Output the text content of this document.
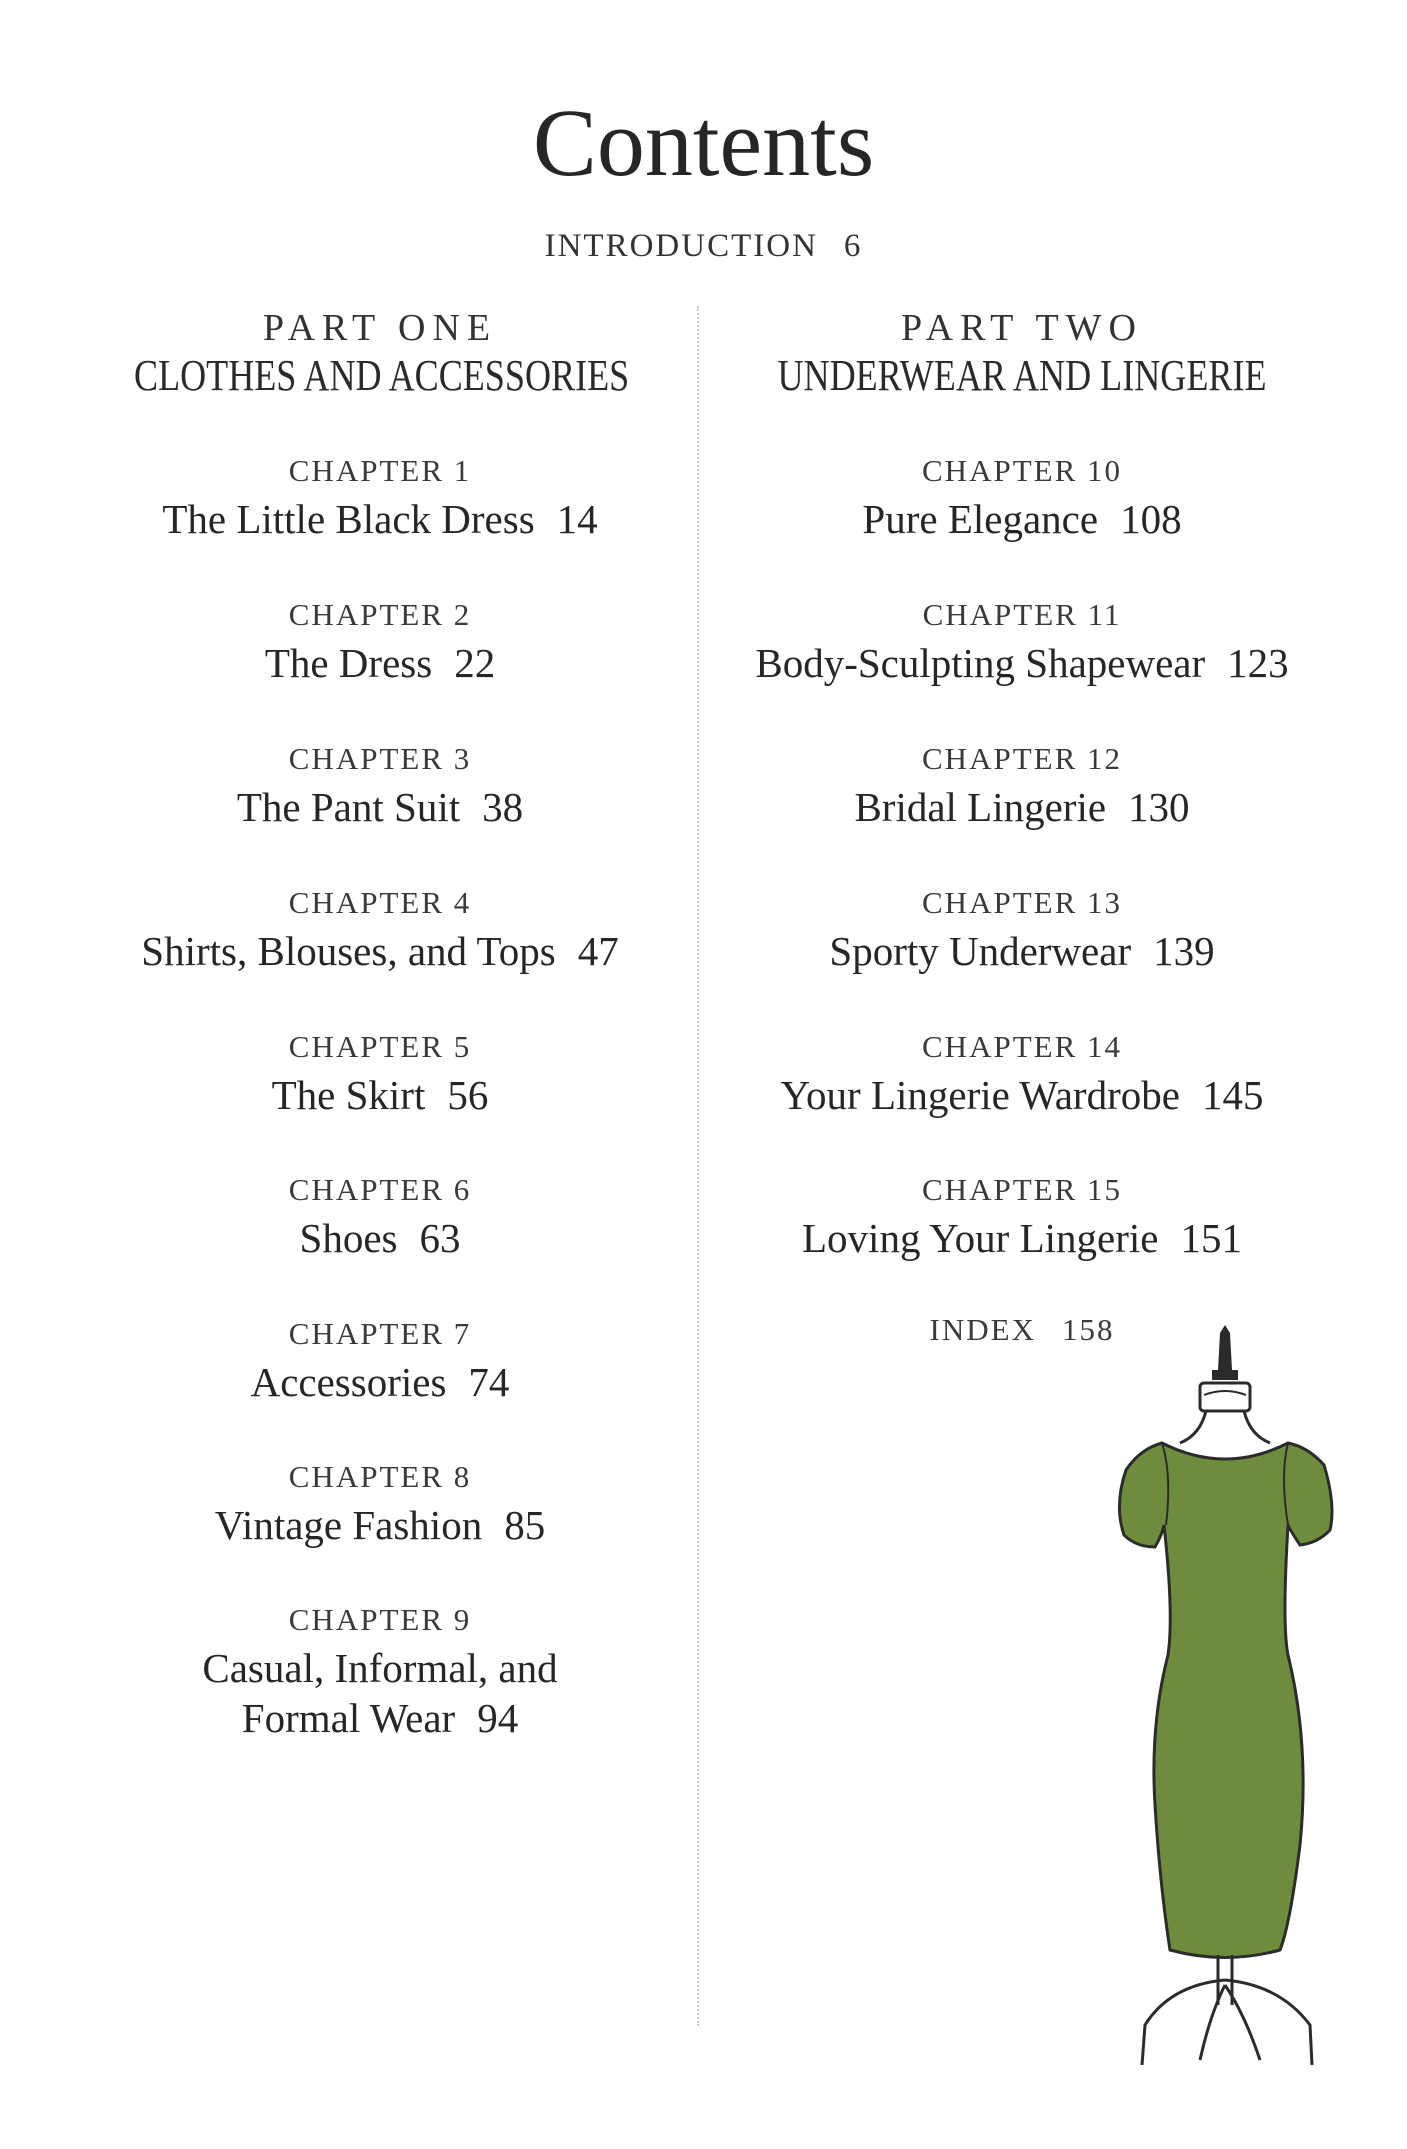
Contents
INTRODUCTION 6
PART ONE
CLOTHES AND ACCESSORIES
CHAPTER 1
The Little Black Dress 14
CHAPTER 2
The Dress 22
CHAPTER 3
The Pant Suit 38
CHAPTER 4
Shirts, Blouses, and Tops 47
CHAPTER 5
The Skirt 56
CHAPTER 6
Shoes 63
CHAPTER 7
Accessories 74
CHAPTER 8
Vintage Fashion 85
CHAPTER 9
Casual, Informal, and
Formal Wear 94
PART TWO
UNDERWEAR AND LINGERIE
CHAPTER 10
Pure Elegance 108
CHAPTER 11
Body-Sculpting Shapewear 123
CHAPTER 12
Bridal Lingerie 130
CHAPTER 13
Sporty Underwear 139
CHAPTER 14
Your Lingerie Wardrobe 145
CHAPTER 15
Loving Your Lingerie 151
INDEX 158
